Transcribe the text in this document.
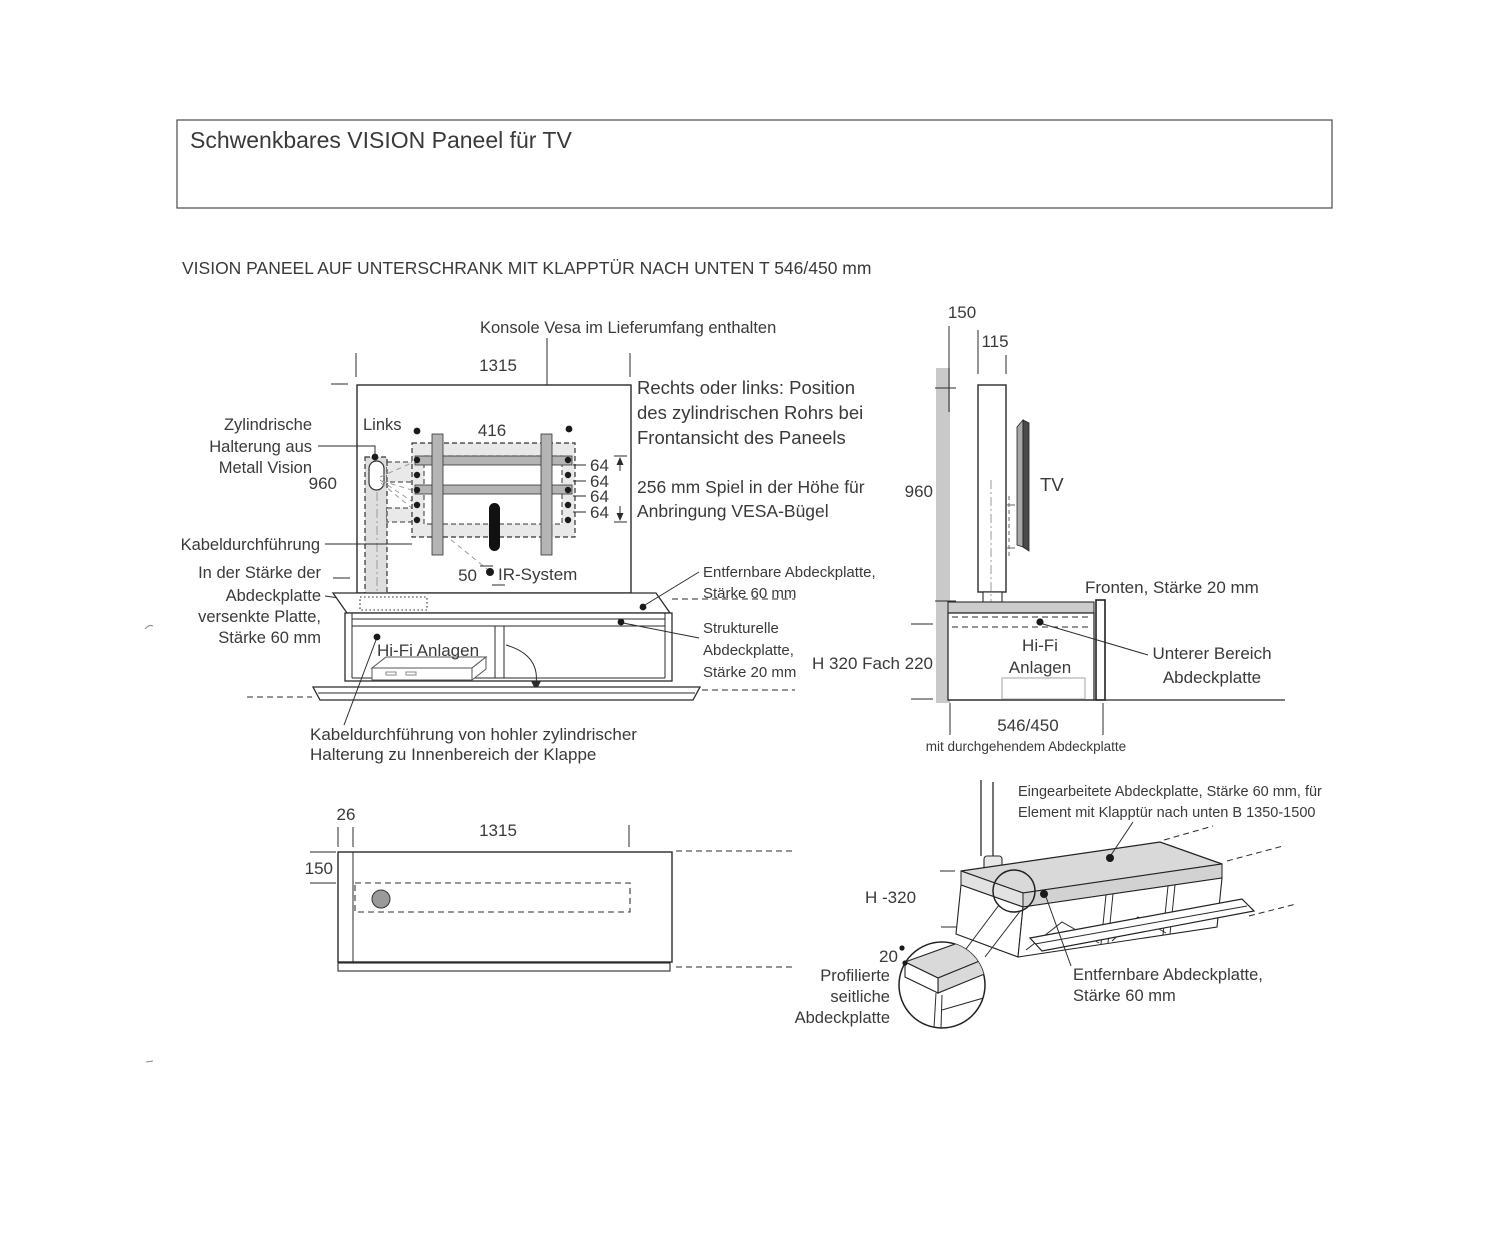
Schwenkbares VISION Paneel für TV
VISION PANEEL AUF UNTERSCHRANK MIT KLAPPTÜR NACH UNTEN T 546/450 mm
Konsole Vesa im Lieferumfang enthalten
1315
Links	416
64
64
64
64
50 IR-System
Zylindrische
Halterung aus
Metall Vision
960
Kabeldurchführung
In der Stärke der
Abdeckplatte
versenkte Platte,
Stärke 60 mm
Rechts oder links: Position
des zylindrischen Rohrs bei
Frontansicht des Paneels
256 mm Spiel in der Höhe für
Anbringung VESA-Bügel
Hi-Fi Anlagen
Entfernbare Abdeckplatte,
Stärke 60 mm
Strukturelle
Abdeckplatte,
Stärke 20 mm
Kabeldurchführung von hohler zylindrischer
Halterung zu Innenbereich der Klappe
150
115
960	TV
Fronten, Stärke 20 mm
Hi-Fi
Anlagen
H 320 Fach 220
Unterer Bereich
Abdeckplatte
546/450
mit durchgehendem Abdeckplatte
26
1315
150
Eingearbeitete Abdeckplatte, Stärke 60 mm, für
Element mit Klapptür nach unten B 1350-1500
H -320
20
Profilierte
seitliche
Abdeckplatte
Entfernbare Abdeckplatte,
Stärke 60 mm
